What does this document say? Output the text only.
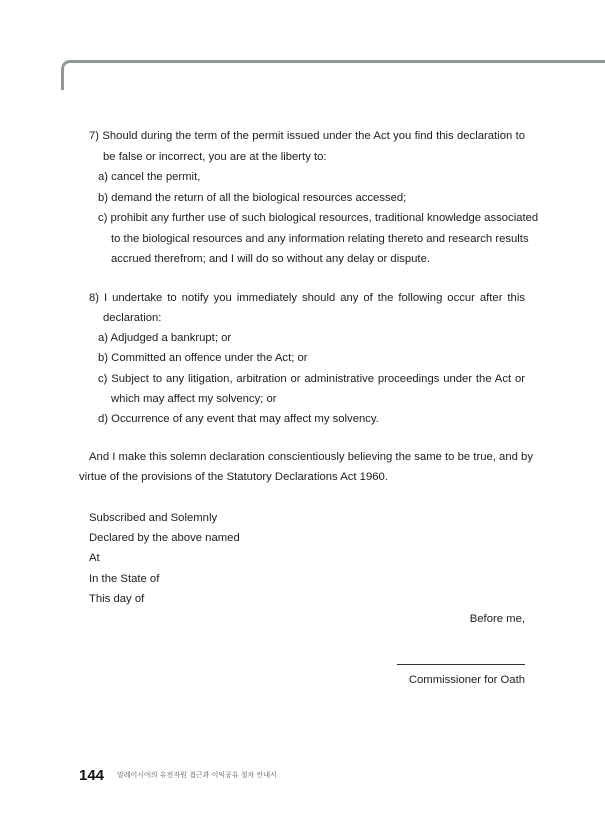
7) Should during the term of the permit issued under the Act you find this declaration to
be false or incorrect, you are at the liberty to:
a) cancel the permit,
b) demand the return of all the biological resources accessed;
c) prohibit any further use of such biological resources, traditional knowledge associated
to the biological resources and any information relating thereto and research results
accrued therefrom; and I will do so without any delay or dispute.
8) I undertake to notify you immediately should any of the following occur after this
declaration:
a) Adjudged a bankrupt; or
b) Committed an offence under the Act; or
c) Subject to any litigation, arbitration or administrative proceedings under the Act or
which may affect my solvency; or
d) Occurrence of any event that may affect my solvency.
And I make this solemn declaration conscientiously believing the same to be true, and by
virtue of the provisions of the Statutory Declarations Act 1960.
Subscribed and Solemnly
Declared by the above named
At
In the State of
This day of
Before me,
Commissioner for Oath
144 말레이시아의 유전자원 접근과 이익공유 절차 안내서
